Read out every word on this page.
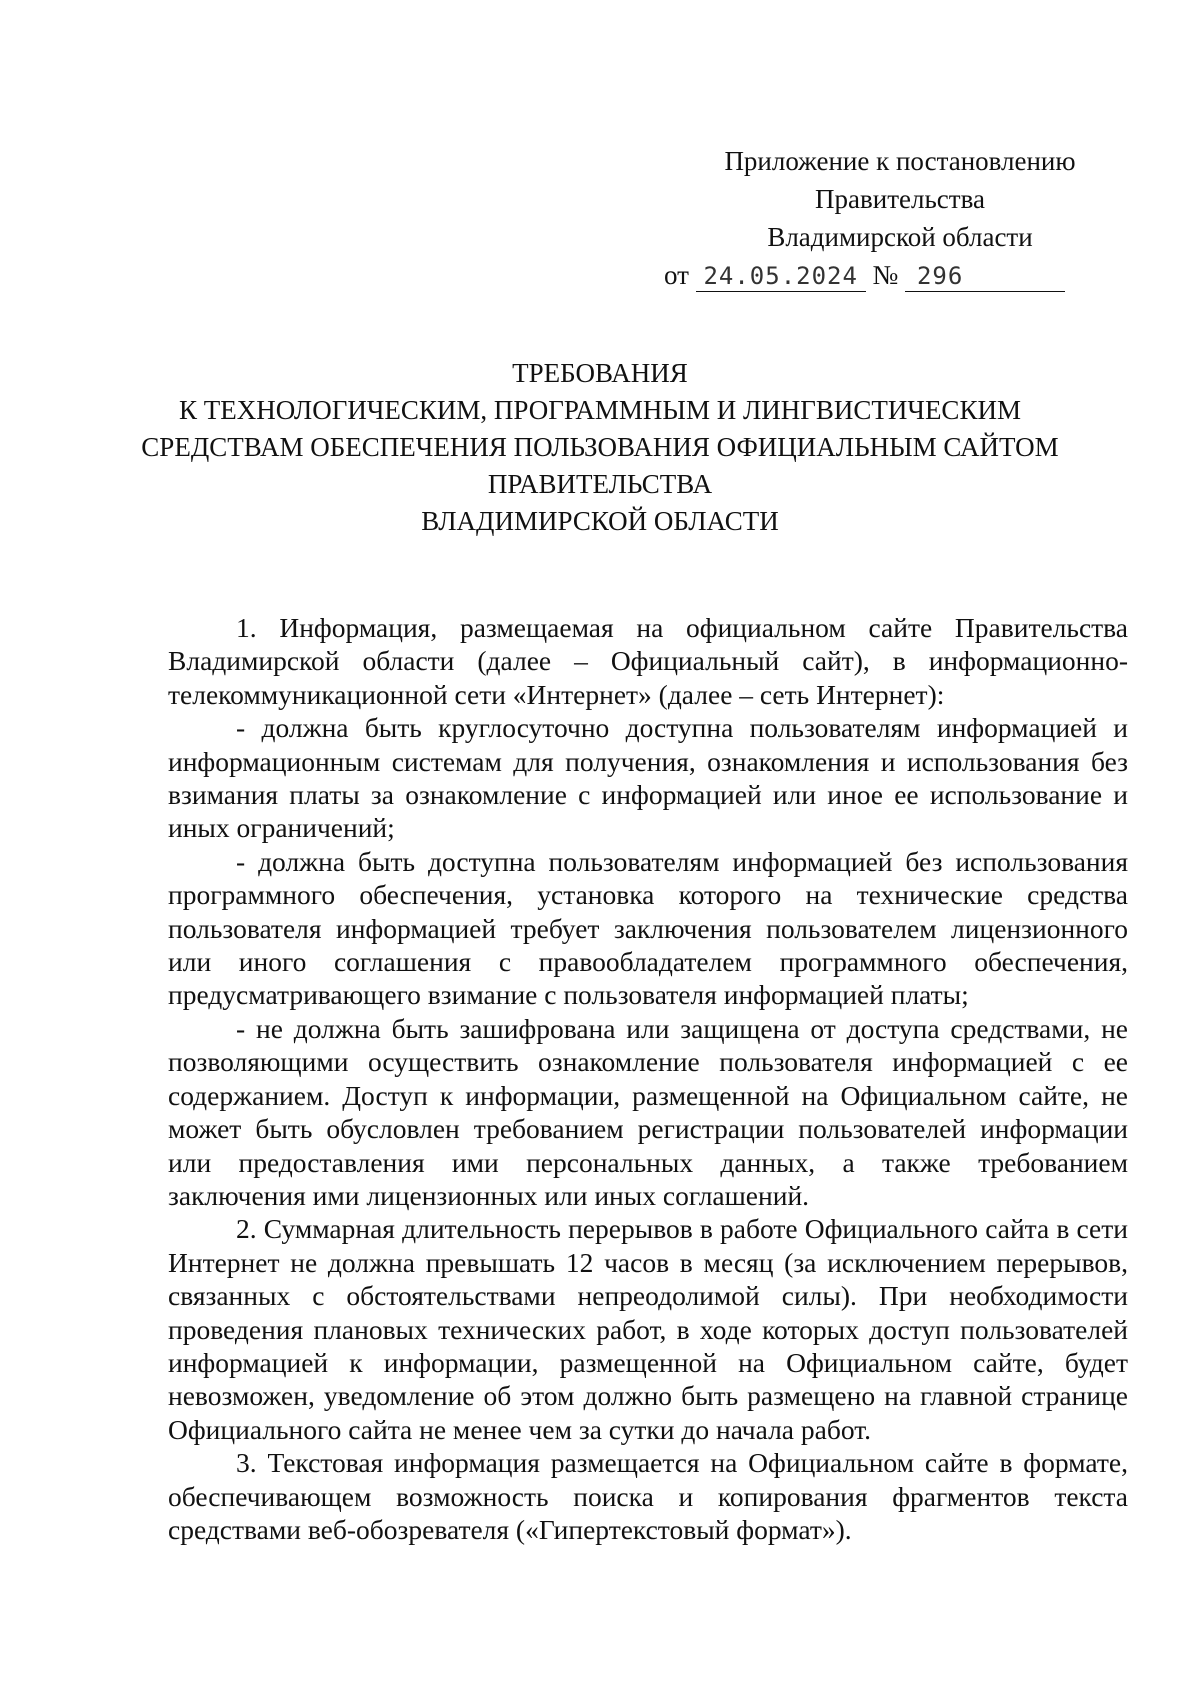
Приложение к постановлению
Правительства
Владимирской области
от 24.05.2024 № 296
ТРЕБОВАНИЯ
К ТЕХНОЛОГИЧЕСКИМ, ПРОГРАММНЫМ И ЛИНГВИСТИЧЕСКИМ
СРЕДСТВАМ ОБЕСПЕЧЕНИЯ ПОЛЬЗОВАНИЯ ОФИЦИАЛЬНЫМ САЙТОМ
ПРАВИТЕЛЬСТВА
ВЛАДИМИРСКОЙ ОБЛАСТИ

1. Информация, размещаемая на официальном сайте Правительства Владимирской области (далее – Официальный сайт), в информационно-телекоммуникационной сети «Интернет» (далее – сеть Интернет):

- должна быть круглосуточно доступна пользователям информацией и информационным системам для получения, ознакомления и использования без взимания платы за ознакомление с информацией или иное ее использование и иных ограничений;

- должна быть доступна пользователям информацией без использования программного обеспечения, установка которого на технические средства пользователя информацией требует заключения пользователем лицензионного или иного соглашения с правообладателем программного обеспечения, предусматривающего взимание с пользователя информацией платы;

- не должна быть зашифрована или защищена от доступа средствами, не позволяющими осуществить ознакомление пользователя информацией с ее содержанием. Доступ к информации, размещенной на Официальном сайте, не может быть обусловлен требованием регистрации пользователей информации или предоставления ими персональных данных, а также требованием заключения ими лицензионных или иных соглашений.

2. Суммарная длительность перерывов в работе Официального сайта в сети Интернет не должна превышать 12 часов в месяц (за исключением перерывов, связанных с обстоятельствами непреодолимой силы). При необходимости проведения плановых технических работ, в ходе которых доступ пользователей информацией к информации, размещенной на Официальном сайте, будет невозможен, уведомление об этом должно быть размещено на главной странице Официального сайта не менее чем за сутки до начала работ.

3. Текстовая информация размещается на Официальном сайте в формате, обеспечивающем возможность поиска и копирования фрагментов текста средствами веб-обозревателя («Гипертекстовый формат»).
